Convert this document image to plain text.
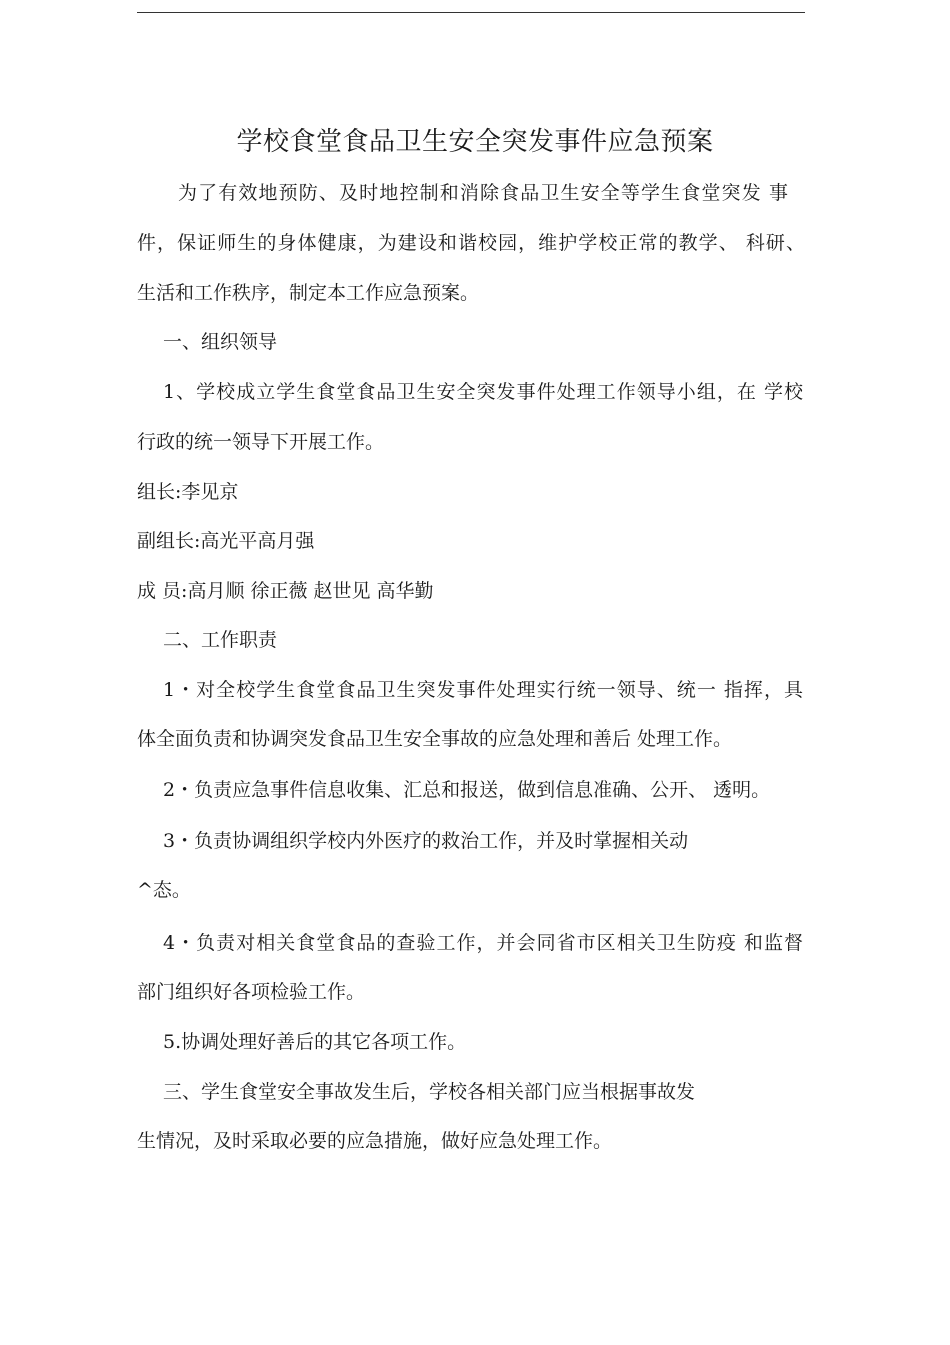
学校食堂食品卫生安全突发事件应急预案
为了有效地预防、及时地控制和消除食品卫生安全等学生食堂突发 事
件，保证师生的身体健康，为建设和谐校园，维护学校正常的教学、 科研、
生活和工作秩序，制定本工作应急预案。
一、组织领导
1、学校成立学生食堂食品卫生安全突发事件处理工作领导小组，在 学校
行政的统一领导下开展工作。
组长:李见京
副组长:高光平高月强
成 员:高月顺 徐正薇 赵世见 高华勤
二、工作职责
1・对全校学生食堂食品卫生突发事件处理实行统一领导、统一 指挥，具
体全面负责和协调突发食品卫生安全事故的应急处理和善后 处理工作。
2・负责应急事件信息收集、汇总和报送，做到信息准确、公开、 透明。
3・负责协调组织学校内外医疗的救治工作，并及时掌握相关动
^态。
4・负责对相关食堂食品的查验工作，并会同省市区相关卫生防疫 和监督
部门组织好各项检验工作。
5.协调处理好善后的其它各项工作。
三、学生食堂安全事故发生后，学校各相关部门应当根据事故发
生情况，及时采取必要的应急措施，做好应急处理工作。
